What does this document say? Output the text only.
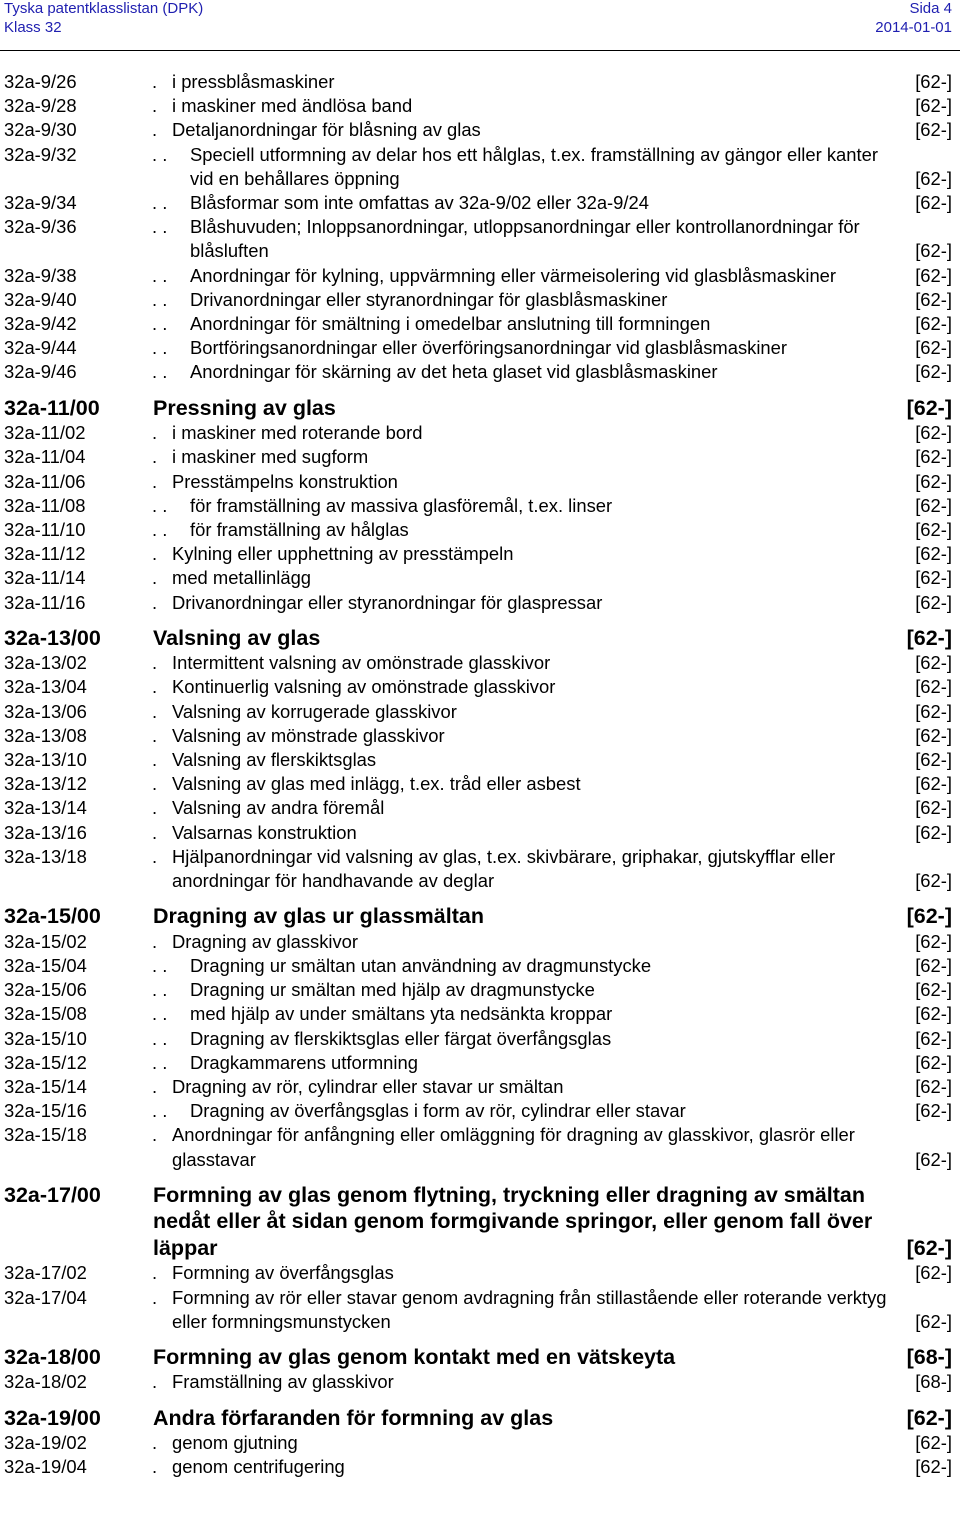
Tyska patentklasslistan (DPK)	Sida 4
Klass 32	2014-01-01
32a-9/26	. i pressblåsmaskiner	[62-]
32a-9/28	. i maskiner med ändlösa band	[62-]
32a-9/30	. Detaljanordningar för blåsning av glas	[62-]
32a-9/32	. . Speciell utformning av delar hos ett hålglas, t.ex. framställning av gängor eller kanter vid en behållares öppning	[62-]
32a-9/34	. . Blåsformar som inte omfattas av 32a-9/02 eller 32a-9/24	[62-]
32a-9/36	. . Blåshuvuden; Inloppsanordningar, utloppsanordningar eller kontrollanordningar för blåsluften	[62-]
32a-9/38	. . Anordningar för kylning, uppvärmning eller värmeisolering vid glasblåsmaskiner	[62-]
32a-9/40	. . Drivanordningar eller styranordningar för glasblåsmaskiner	[62-]
32a-9/42	. . Anordningar för smältning i omedelbar anslutning till formningen	[62-]
32a-9/44	. . Bortföringsanordningar eller överföringsanordningar vid glasblåsmaskiner	[62-]
32a-9/46	. . Anordningar för skärning av det heta glaset vid glasblåsmaskiner	[62-]
32a-11/00 Pressning av glas	[62-]
32a-11/02	. i maskiner med roterande bord	[62-]
32a-11/04	. i maskiner med sugform	[62-]
32a-11/06	. Presstämpelns konstruktion	[62-]
32a-11/08	. . för framställning av massiva glasföremål, t.ex. linser	[62-]
32a-11/10	. . för framställning av hålglas	[62-]
32a-11/12	. Kylning eller upphettning av presstämpeln	[62-]
32a-11/14	. med metallinlägg	[62-]
32a-11/16	. Drivanordningar eller styranordningar för glaspressar	[62-]
32a-13/00 Valsning av glas	[62-]
32a-13/02	. Intermittent valsning av omönstrade glasskivor	[62-]
32a-13/04	. Kontinuerlig valsning av omönstrade glasskivor	[62-]
32a-13/06	. Valsning av korrugerade glasskivor	[62-]
32a-13/08	. Valsning av mönstrade glasskivor	[62-]
32a-13/10	. Valsning av flerskiktsglas	[62-]
32a-13/12	. Valsning av glas med inlägg, t.ex. tråd eller asbest	[62-]
32a-13/14	. Valsning av andra föremål	[62-]
32a-13/16	. Valsarnas konstruktion	[62-]
32a-13/18	. Hjälpanordningar vid valsning av glas, t.ex. skivbärare, griphakar, gjutskyfflar eller anordningar för handhavande av deglar	[62-]
32a-15/00 Dragning av glas ur glassmältan	[62-]
32a-15/02	. Dragning av glasskivor	[62-]
32a-15/04	. . Dragning ur smältan utan användning av dragmunstycke	[62-]
32a-15/06	. . Dragning ur smältan med hjälp av dragmunstycke	[62-]
32a-15/08	. . med hjälp av under smältans yta nedsänkta kroppar	[62-]
32a-15/10	. . Dragning av flerskiktsglas eller färgat överfångsglas	[62-]
32a-15/12	. . Dragkammarens utformning	[62-]
32a-15/14	. Dragning av rör, cylindrar eller stavar ur smältan	[62-]
32a-15/16	. . Dragning av överfångsglas i form av rör, cylindrar eller stavar	[62-]
32a-15/18	. Anordningar för anfångning eller omläggning för dragning av glasskivor, glasrör eller glasstavar	[62-]
32a-17/00 Formning av glas genom flytning, tryckning eller dragning av smältan nedåt eller åt sidan genom formgivande springor, eller genom fall över läppar	[62-]
32a-17/02	. Formning av överfångsglas	[62-]
32a-17/04	. Formning av rör eller stavar genom avdragning från stillastående eller roterande verktyg eller formningsmunstycken	[62-]
32a-18/00 Formning av glas genom kontakt med en vätskeyta	[68-]
32a-18/02	. Framställning av glasskivor	[68-]
32a-19/00 Andra förfaranden för formning av glas	[62-]
32a-19/02	. genom gjutning	[62-]
32a-19/04	. genom centrifugering	[62-]
